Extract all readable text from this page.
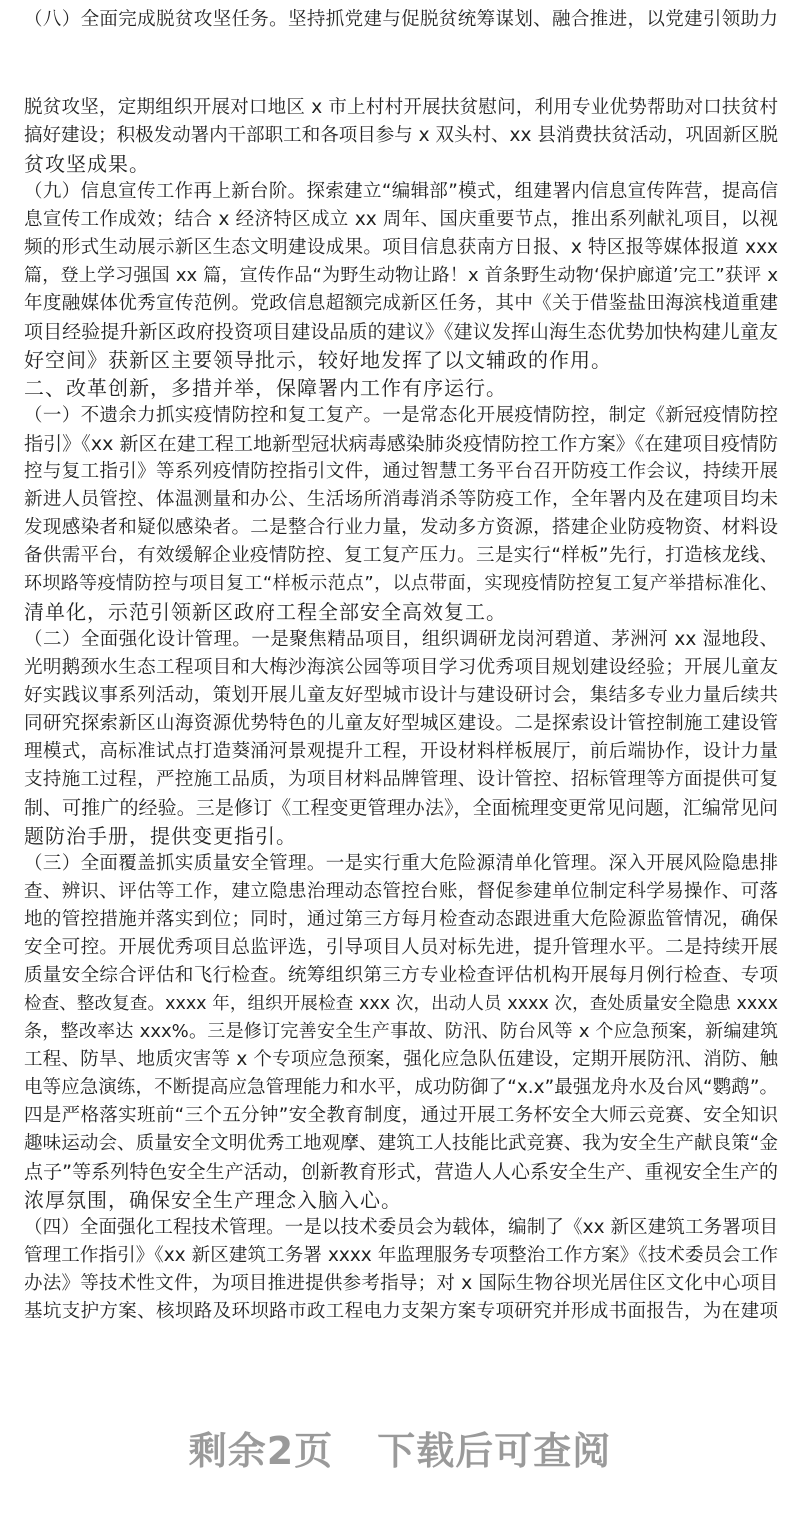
（八）全面完成脱贫攻坚任务。坚持抓党建与促脱贫统筹谋划、融合推进，以党建引领助力
脱贫攻坚，定期组织开展对口地区 x 市上村村开展扶贫慰问，利用专业优势帮助对口扶贫村
搞好建设；积极发动署内干部职工和各项目参与 x 双头村、xx 县消费扶贫活动，巩固新区脱
贫攻坚成果。
（九）信息宣传工作再上新台阶。探索建立“编辑部”模式，组建署内信息宣传阵营，提高信
息宣传工作成效；结合 x 经济特区成立 xx 周年、国庆重要节点，推出系列献礼项目，以视
频的形式生动展示新区生态文明建设成果。项目信息获南方日报、x 特区报等媒体报道 xxx
篇，登上学习强国 xx 篇，宣传作品“为野生动物让路！x 首条野生动物‘保护廊道’完工”获评 x
年度融媒体优秀宣传范例。党政信息超额完成新区任务，其中《关于借鉴盐田海滨栈道重建
项目经验提升新区政府投资项目建设品质的建议》《建议发挥山海生态优势加快构建儿童友
好空间》获新区主要领导批示，较好地发挥了以文辅政的作用。
二、改革创新，多措并举，保障署内工作有序运行。
（一）不遗余力抓实疫情防控和复工复产。一是常态化开展疫情防控，制定《新冠疫情防控
指引》《xx 新区在建工程工地新型冠状病毒感染肺炎疫情防控工作方案》《在建项目疫情防
控与复工指引》等系列疫情防控指引文件，通过智慧工务平台召开防疫工作会议，持续开展
新进人员管控、体温测量和办公、生活场所消毒消杀等防疫工作，全年署内及在建项目均未
发现感染者和疑似感染者。二是整合行业力量，发动多方资源，搭建企业防疫物资、材料设
备供需平台，有效缓解企业疫情防控、复工复产压力。三是实行“样板”先行，打造核龙线、
环坝路等疫情防控与项目复工“样板示范点”，以点带面，实现疫情防控复工复产举措标准化、
清单化，示范引领新区政府工程全部安全高效复工。
（二）全面强化设计管理。一是聚焦精品项目，组织调研龙岗河碧道、茅洲河 xx 湿地段、
光明鹅颈水生态工程项目和大梅沙海滨公园等项目学习优秀项目规划建设经验；开展儿童友
好实践议事系列活动，策划开展儿童友好型城市设计与建设研讨会，集结多专业力量后续共
同研究探索新区山海资源优势特色的儿童友好型城区建设。二是探索设计管控制施工建设管
理模式，高标准试点打造葵涌河景观提升工程，开设材料样板展厅，前后端协作，设计力量
支持施工过程，严控施工品质，为项目材料品牌管理、设计管控、招标管理等方面提供可复
制、可推广的经验。三是修订《工程变更管理办法》，全面梳理变更常见问题，汇编常见问
题防治手册，提供变更指引。
（三）全面覆盖抓实质量安全管理。一是实行重大危险源清单化管理。深入开展风险隐患排
查、辨识、评估等工作，建立隐患治理动态管控台账，督促参建单位制定科学易操作、可落
地的管控措施并落实到位；同时，通过第三方每月检查动态跟进重大危险源监管情况，确保
安全可控。开展优秀项目总监评选，引导项目人员对标先进，提升管理水平。二是持续开展
质量安全综合评估和飞行检查。统筹组织第三方专业检查评估机构开展每月例行检查、专项
检查、整改复查。xxxx 年，组织开展检查 xxx 次，出动人员 xxxx 次，查处质量安全隐患 xxxx
条，整改率达 xxx%。三是修订完善安全生产事故、防汛、防台风等 x 个应急预案，新编建筑
工程、防旱、地质灾害等 x 个专项应急预案，强化应急队伍建设，定期开展防汛、消防、触
电等应急演练，不断提高应急管理能力和水平，成功防御了“x.x”最强龙舟水及台风“鹦鹉”。
四是严格落实班前“三个五分钟”安全教育制度，通过开展工务杯安全大师云竞赛、安全知识
趣味运动会、质量安全文明优秀工地观摩、建筑工人技能比武竞赛、我为安全生产献良策“金
点子”等系列特色安全生产活动，创新教育形式，营造人人心系安全生产、重视安全生产的
浓厚氛围，确保安全生产理念入脑入心。
（四）全面强化工程技术管理。一是以技术委员会为载体，编制了《xx 新区建筑工务署项目
管理工作指引》《xx 新区建筑工务署 xxxx 年监理服务专项整治工作方案》《技术委员会工作
办法》等技术性文件，为项目推进提供参考指导；对 x 国际生物谷坝光居住区文化中心项目
基坑支护方案、核坝路及环坝路市政工程电力支架方案专项研究并形成书面报告，为在建项
剩余2页 下载后可查阅
